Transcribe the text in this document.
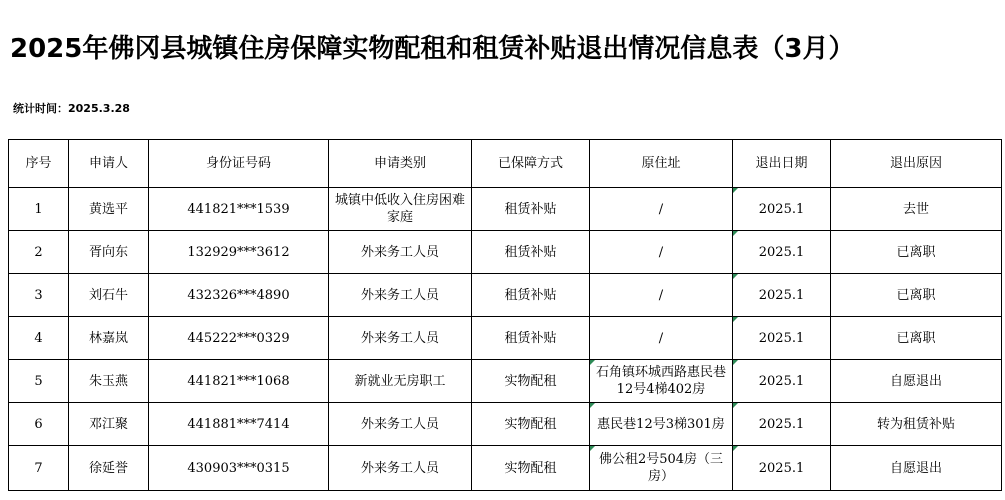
2025年佛冈县城镇住房保障实物配租和租赁补贴退出情况信息表（3月）
统计时间：2025.3.28
序号	申请人	身份证号码	申请类别	已保障方式	原住址	退出日期	退出原因
1	黄选平	441821***1539	城镇中低收入住房困难家庭	租赁补贴	/	2025.1	去世
2	胥向东	132929***3612	外来务工人员	租赁补贴	/	2025.1	已离职
3	刘石牛	432326***4890	外来务工人员	租赁补贴	/	2025.1	已离职
4	林嘉岚	445222***0329	外来务工人员	租赁补贴	/	2025.1	已离职
5	朱玉燕	441821***1068	新就业无房职工	实物配租	石角镇环城西路惠民巷12号4梯402房	2025.1	自愿退出
6	邓江聚	441881***7414	外来务工人员	实物配租	惠民巷12号3梯301房	2025.1	转为租赁补贴
7	徐延誉	430903***0315	外来务工人员	实物配租	佛公租2号504房（三房）	2025.1	自愿退出
